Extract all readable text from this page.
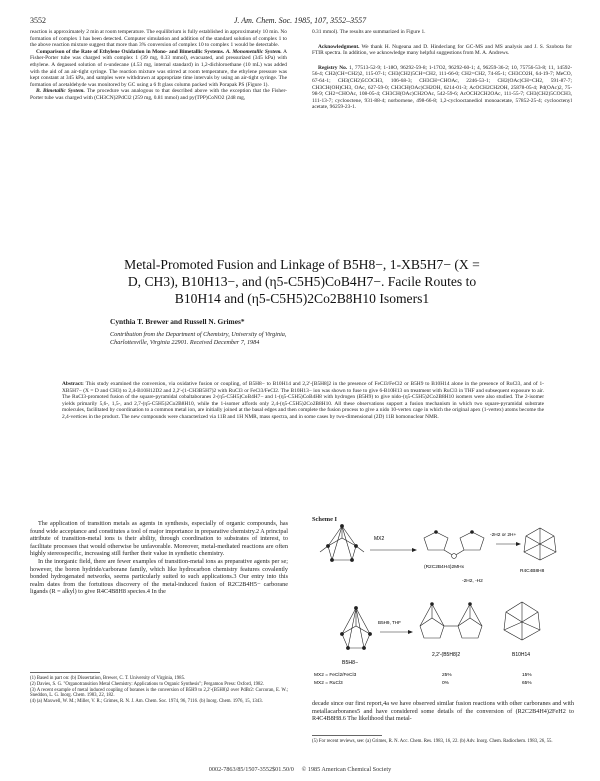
3552	J. Am. Chem. Soc. 1985, 107, 3552–3557

reaction is approximately 2 min at room temperature. The equilibrium is fully established in approximately 10 min. No formation of complex 1 has been detected. Computer simulation and addition of the standard solution of complex 1 to the above reaction mixture suggest that more than 3% conversion of complex 10 to complex 1 would be detectable.

Comparison of the Rate of Ethylene Oxidation in Mono- and Bimetallic Systems. A. Monometallic System. A Fisher-Porter tube was charged with complex 1 (39 mg, 0.33 mmol), evacuated, and pressurized (345 kPa) with ethylene. A degassed solution of n-undecane (4.53 mg, internal standard) in 1,2-dichloroethane (10 mL) was added with the aid of an air-tight syringe. The reaction mixture was stirred at room temperature, the ethylene pressure was kept constant at 345 kPa, and samples were withdrawn at appropriate time intervals by using an air-tight syringe. The formation of acetaldehyde was monitored by GC using a 6 ft glass column packed with Porapak PS (Figure 1).

B. Bimetallic System. The procedure was analogous to that described above with the exception that the Fisher-Porter tube was charged with (CH3CN)2PdCl2 (259 mg, 0.81 mmol) and py(TPP)CoNO2 (248 mg,

0.31 mmol). The results are summarized in Figure 1.

Acknowledgment. We thank H. Nugeana and D. Hindeclang for GC-MS and MS analysis and J. S. Szobota for FTIR spectra. In addition, we acknowledge many helpful suggestions from M. A. Andrews.

Registry No. 1, 77513-52-9; 1-18O, 96292-59-8; 1-17O2, 96292-60-1; 4, 96259-36-2; 10, 75756-53-8; 11, 14592-56-4; CH2(CH=CH2)2, 115-07-1; CH3(CH2)5CH=CH2, 111-66-0; CH2=CH2, 74-85-1; CH3CO2H, 64-19-7; MeCO, 67-64-1; CH3(CH2)5COCH3, 106-68-3; CH3CH=CHOAc, 2246-53-1; CH2(OAc)CH=CH2, 591-87-7; CH3CH(OH)CH3, OAc, 627-59-0; CH3CH(OAc)CH2OH, 6214-01-3; AcOCH2CH2OH, 25878-05-4; Pd(OAc)2, 75-98-9; CH2=CHOAc, 108-05-4; CH3CH(OAc)CH2OAc, 542-59-6; AcOCH2CH2OAc, 111-55-7; CH3(CH2)5COCH3, 111-13-7; cyclooctene, 931-88-4; norbornene, 498-66-8; 1,2-cyclooctanediol monoacetate, 57852-25-4; cyclooctenyl acetate, 96259-23-1.

Metal-Promoted Fusion and Linkage of B5H8−, 1-XB5H7− (X =
D, CH3), B10H13−, and (η5-C5H5)CoB4H7−. Facile Routes to
B10H14 and (η5-C5H5)2Co2B8H10 Isomers1
Cynthia T. Brewer and Russell N. Grimes*
Contribution from the Department of Chemistry, University of Virginia,
Charlottesville, Virginia 22901. Received December 7, 1984
Abstract: This study examined the conversion, via oxidative fusion or coupling, of B5H8− to B10H14 and 2,2′-[B5H8]2 in the presence of FeCl3/FeCl2 or B5H9 to B10H14 alone in the presence of RuCl3, and of 1-XB5H7− (X = D and CH3) to 2,4-B10H12D2 and 2,2′-(1-CH3B5H7)2 with RuCl3 or FeCl3/FeCl2. The B10H13− ion was shown to fuse to give 6-B10H13 on treatment with RuCl3 in THF and subsequent exposure to air. The RuCl3-promoted fusion of the square-pyramidal cobaltaboranes 2-(η5-C5H5)CoB4H7− and 1-(η5-C5H5)CoB4H8 with hydrogen (B5H9) to give nido-(η5-C5H5)2Co2B8H10 isomers were also studied. The 2-isomer yields primarily 5,6-, 1,5-, and 2,7-(η5-C5H5)2Co2B8H10, while the 1-isomer affords only 2,4-(η5-C5H5)2Co2B8H10. All these observations support a fusion mechanism in which two square-pyramidal substrate molecules, facilitated by coordination to a common metal ion, are initially joined at the basal edges and then complete the fusion process to give a nido 10-vertex cage in which the original apex (1-vertex) atoms become the 2,4-vertices in the product. The new compounds were characterized via 11B and 1H NMR, mass spectra, and in some cases by two-dimensional (2D) 11B homonuclear NMR.

The application of transition metals as agents in synthesis, especially of organic compounds, has found wide acceptance and constitutes a tool of major importance in preparative chemistry.2 A principal attribute of transition-metal ions is their ability, through coordination to substrates of interest, to facilitate processes that would otherwise be unfavorable. Moreover, metal-mediated reactions are often highly stereospecific, increasing still further their value in synthetic chemistry.

In the inorganic field, there are fewer examples of transition-metal ions as preparative agents per se; however, the boron hydride/carborane family, which like hydrocarbon chemistry features covalently bonded hydrogenated networks, seems particularly suited to such applications.3 Our entry into this realm dates from the fortuitous discovery of the metal-induced fusion of R2C2B4H5− carborane ligands (R = alkyl) to give R4C4B8H8 species.4 In the

(1) Based in part on: (b) Dissertation, Brewer, C. T. University of Virginia, 1985.

(2) Davies, S. G. "Organotransition Metal Chemistry: Applications to Organic Synthesis"; Pergamon Press: Oxford, 1982.

(3) A recent example of metal induced coupling of boranes is the conversion of B5H9 to 2,2′-(B5H8)2 over PdBr2: Corcoran, E. W.; Sneddon, L. G. Inorg. Chem. 1983, 22, 182.

(4) (a) Maxwell, W. M.; Miller, V. R.; Grimes, R. N. J. Am. Chem. Soc. 1974, 96, 7116. (b) Inorg. Chem. 1976, 15, 1343.

Scheme I
MX2
(R2C2B4H4)2MHx
-2H2 or 2H+
R4C4B8H8
-2H2, -H2
B5H8−
B5H9, THF
2,2′-(B5H8)2	B10H14
MX2 = FeCl2/FeCl3	25%	15%
MX2 = RuCl3	0%	65%

decade since our first report,4a we have observed similar fusion reactions with other carboranes and with metallacarboranes5 and have considered some details of the conversion of (R2C2B4H4)2FeH2 to R4C4B8H8.6 The likelihood that metal-

(5) For recent reviews, see: (a) Grimes, R. N. Acc. Chem. Res. 1983, 16, 22. (b) Adv. Inorg. Chem. Radiochem. 1983, 26, 55.

0002-7863/85/1507-3552$01.50/0 © 1985 American Chemical Society
